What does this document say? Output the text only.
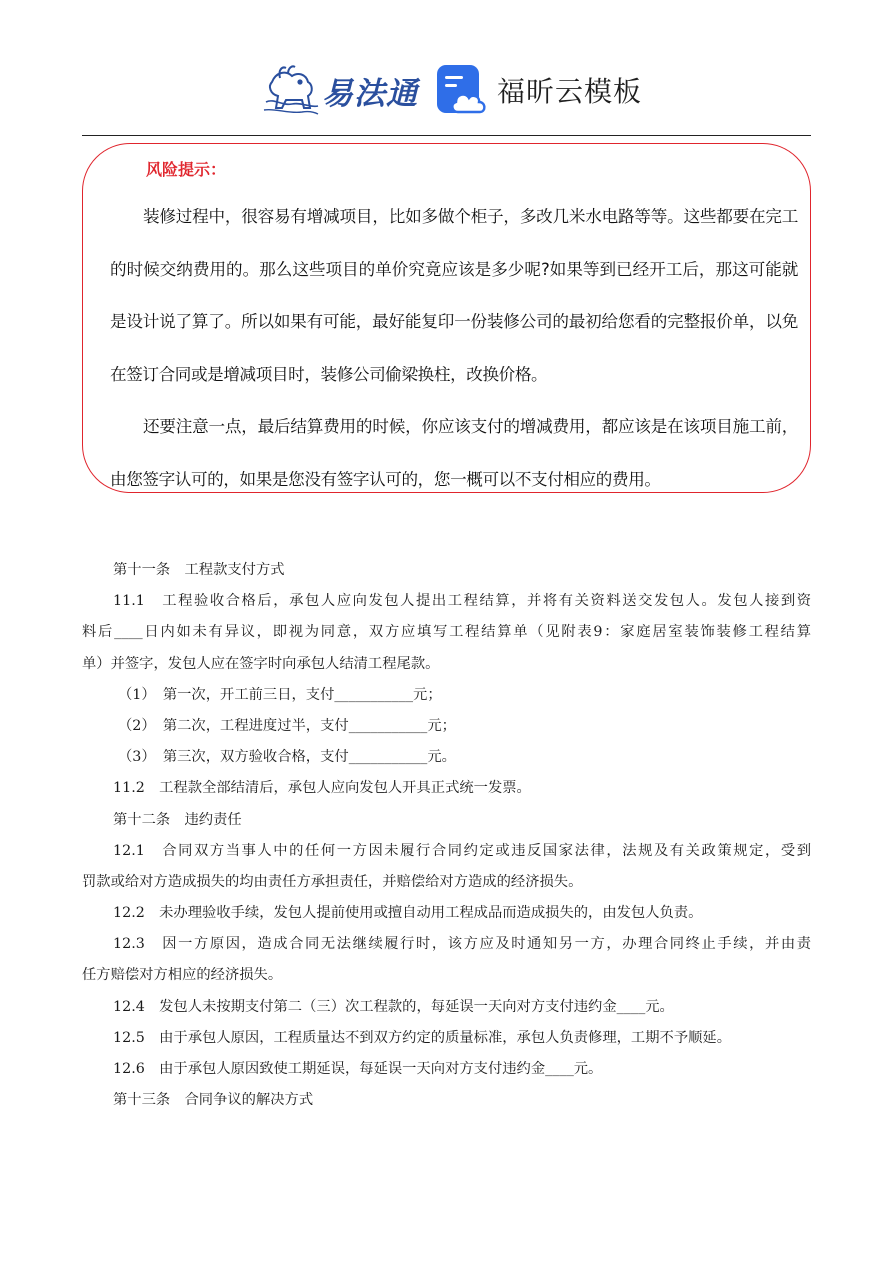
易法通	福昕云模板
风险提示：

装修过程中，很容易有增减项目，比如多做个柜子，多改几米水电路等等。这些都要在完工的时候交纳费用的。那么这些项目的单价究竟应该是多少呢?如果等到已经开工后，那这可能就是设计说了算了。所以如果有可能，最好能复印一份装修公司的最初给您看的完整报价单，以免在签订合同或是增减项目时，装修公司偷梁换柱，改换价格。

还要注意一点，最后结算费用的时候，你应该支付的增减费用，都应该是在该项目施工前，由您签字认可的，如果是您没有签字认可的，您一概可以不支付相应的费用。

第十一条　工程款支付方式
11.1　工程验收合格后，承包人应向发包人提出工程结算，并将有关资料送交发包人。发包人接到资
料后____日内如未有异议，即视为同意，双方应填写工程结算单（见附表9：家庭居室装饰装修工程结算
单）并签字，发包人应在签字时向承包人结清工程尾款。
（1）　第一次，开工前三日，支付___________元；
（2）　第二次，工程进度过半，支付___________元；
（3）　第三次，双方验收合格，支付___________元。
11.2　工程款全部结清后，承包人应向发包人开具正式统一发票。
第十二条　违约责任
12.1　合同双方当事人中的任何一方因未履行合同约定或违反国家法律，法规及有关政策规定，受到
罚款或给对方造成损失的均由责任方承担责任，并赔偿给对方造成的经济损失。
12.2　未办理验收手续，发包人提前使用或擅自动用工程成品而造成损失的，由发包人负责。
12.3　因一方原因，造成合同无法继续履行时，该方应及时通知另一方，办理合同终止手续，并由责
任方赔偿对方相应的经济损失。
12.4　发包人未按期支付第二（三）次工程款的，每延误一天向对方支付违约金____元。
12.5　由于承包人原因，工程质量达不到双方约定的质量标准，承包人负责修理，工期不予顺延。
12.6　由于承包人原因致使工期延误，每延误一天向对方支付违约金____元。
第十三条　合同争议的解决方式
